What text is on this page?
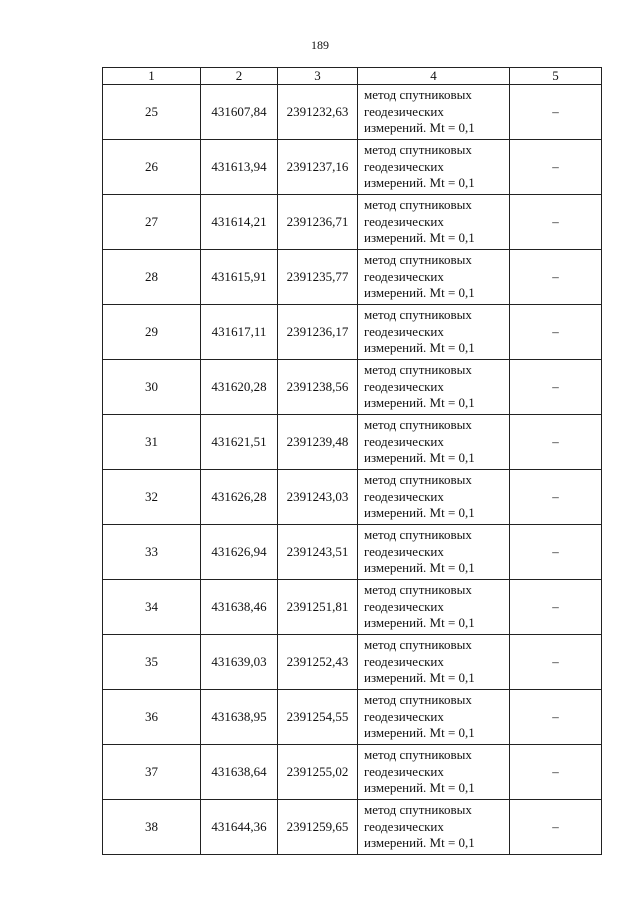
189
1	2	3	4	5
25	431607,84	2391232,63	метод спутниковых
геодезических
измерений. Mt = 0,1	–
26	431613,94	2391237,16	метод спутниковых
геодезических
измерений. Mt = 0,1	–
27	431614,21	2391236,71	метод спутниковых
геодезических
измерений. Mt = 0,1	–
28	431615,91	2391235,77	метод спутниковых
геодезических
измерений. Mt = 0,1	–
29	431617,11	2391236,17	метод спутниковых
геодезических
измерений. Mt = 0,1	–
30	431620,28	2391238,56	метод спутниковых
геодезических
измерений. Mt = 0,1	–
31	431621,51	2391239,48	метод спутниковых
геодезических
измерений. Mt = 0,1	–
32	431626,28	2391243,03	метод спутниковых
геодезических
измерений. Mt = 0,1	–
33	431626,94	2391243,51	метод спутниковых
геодезических
измерений. Mt = 0,1	–
34	431638,46	2391251,81	метод спутниковых
геодезических
измерений. Mt = 0,1	–
35	431639,03	2391252,43	метод спутниковых
геодезических
измерений. Mt = 0,1	–
36	431638,95	2391254,55	метод спутниковых
геодезических
измерений. Mt = 0,1	–
37	431638,64	2391255,02	метод спутниковых
геодезических
измерений. Mt = 0,1	–
38	431644,36	2391259,65	метод спутниковых
геодезических
измерений. Mt = 0,1	–
